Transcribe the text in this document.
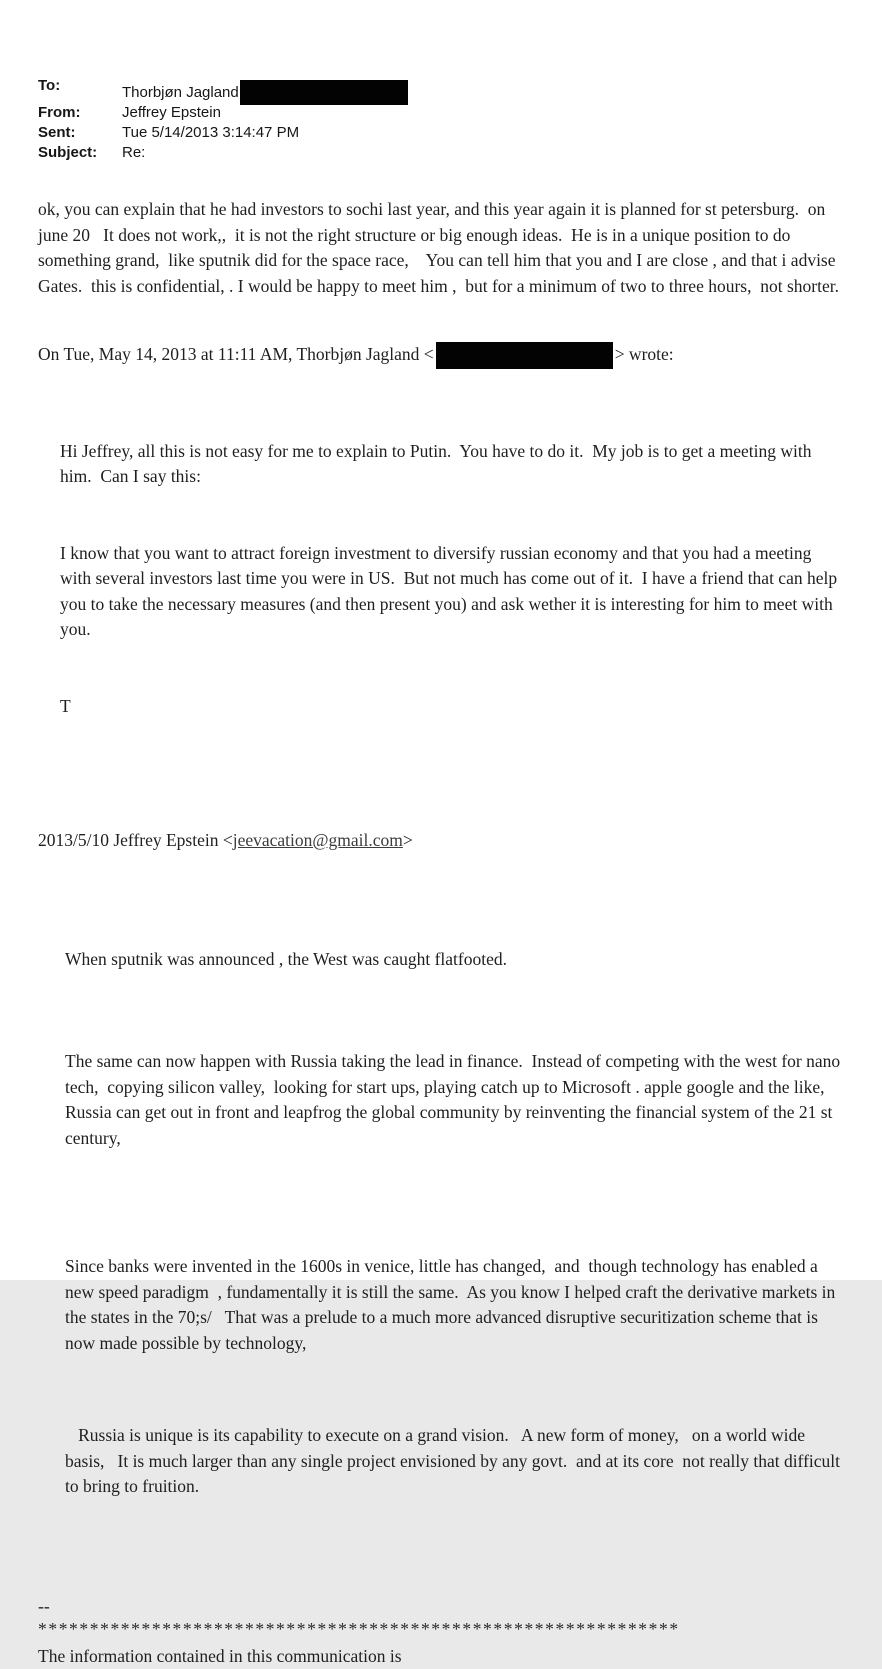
To:	Thorbjøn Jagland
From:	Jeffrey Epstein
Sent:	Tue 5/14/2013 3:14:47 PM
Subject:	Re:
ok, you can explain that he had investors to sochi last year, and this year again it is planned for st petersburg.  on june 20   It does not work,,  it is not the right structure or big enough ideas.  He is in a unique position to do something grand,  like sputnik did for the space race,    You can tell him that you and I are close , and that i advise Gates.  this is confidential, . I would be happy to meet him ,  but for a minimum of two to three hours,  not shorter.
On Tue, May 14, 2013 at 11:11 AM, Thorbjøn Jagland <	> wrote:

Hi Jeffrey, all this is not easy for me to explain to Putin.  You have to do it.  My job is to get a meeting with him.  Can I say this:

I know that you want to attract foreign investment to diversify russian economy and that you had a meeting with several investors last time you were in US.  But not much has come out of it.  I have a friend that can help you to take the necessary measures (and then present you) and ask wether it is interesting for him to meet with you.

T

2013/5/10 Jeffrey Epstein <jeevacation@gmail.com>

When sputnik was announced , the West was caught flatfooted.

The same can now happen with Russia taking the lead in finance.  Instead of competing with the west for nano tech,  copying silicon valley,  looking for start ups, playing catch up to Microsoft . apple google and the like,  Russia can get out in front and leapfrog the global community by reinventing the financial system of the 21 st century,

Since banks were invented in the 1600s in venice, little has changed,  and  though technology has enabled a new speed paradigm  , fundamentally it is still the same.  As you know I helped craft the derivative markets in the states in the 70;s/   That was a prelude to a much more advanced disruptive securitization scheme that is  now made possible by technology,

Russia is unique is its capability to execute on a grand vision.   A new form of money,   on a world wide basis,   It is much larger than any single project envisioned by any govt.  and at its core  not really that difficult to bring to fruition.

--
**************************************************************
The information contained in this communication is
